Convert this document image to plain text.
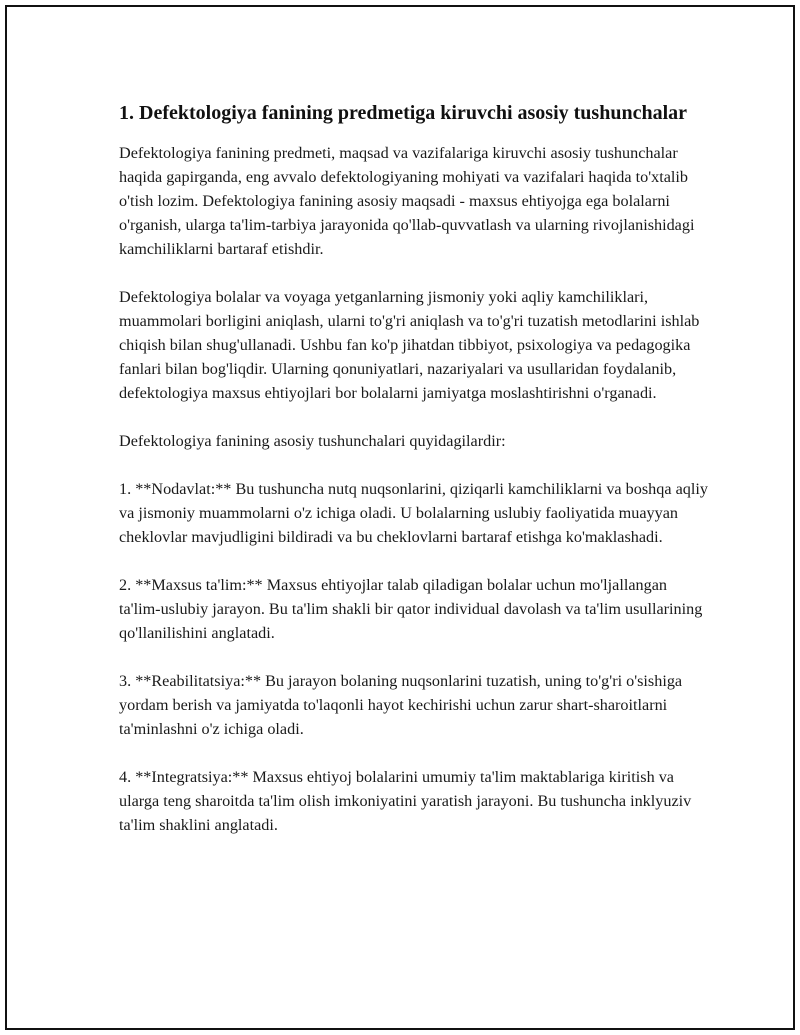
1. Defektologiya fanining predmetiga kiruvchi asosiy tushunchalar

Defektologiya fanining predmeti, maqsad va vazifalariga kiruvchi asosiy tushunchalar haqida gapirganda, eng avvalo defektologiyaning mohiyati va vazifalari haqida to'xtalib o'tish lozim. Defektologiya fanining asosiy maqsadi - maxsus ehtiyojga ega bolalarni o'rganish, ularga ta'lim-tarbiya jarayonida qo'llab-quvvatlash va ularning rivojlanishidagi kamchiliklarni bartaraf etishdir.

Defektologiya bolalar va voyaga yetganlarning jismoniy yoki aqliy kamchiliklari, muammolari borligini aniqlash, ularni to'g'ri aniqlash va to'g'ri tuzatish metodlarini ishlab chiqish bilan shug'ullanadi. Ushbu fan ko'p jihatdan tibbiyot, psixologiya va pedagogika fanlari bilan bog'liqdir. Ularning qonuniyatlari, nazariyalari va usullaridan foydalanib, defektologiya maxsus ehtiyojlari bor bolalarni jamiyatga moslashtirishni o'rganadi.

Defektologiya fanining asosiy tushunchalari quyidagilardir:

1. **Nodavlat:** Bu tushuncha nutq nuqsonlarini, qiziqarli kamchiliklarni va boshqa aqliy va jismoniy muammolarni o'z ichiga oladi. U bolalarning uslubiy faoliyatida muayyan cheklovlar mavjudligini bildiradi va bu cheklovlarni bartaraf etishga ko'maklashadi.

2. **Maxsus ta'lim:** Maxsus ehtiyojlar talab qiladigan bolalar uchun mo'ljallangan ta'lim-uslubiy jarayon. Bu ta'lim shakli bir qator individual davolash va ta'lim usullarining qo'llanilishini anglatadi.

3. **Reabilitatsiya:** Bu jarayon bolaning nuqsonlarini tuzatish, uning to'g'ri o'sishiga yordam berish va jamiyatda to'laqonli hayot kechirishi uchun zarur shart-sharoitlarni ta'minlashni o'z ichiga oladi.

4. **Integratsiya:** Maxsus ehtiyoj bolalarini umumiy ta'lim maktablariga kiritish va ularga teng sharoitda ta'lim olish imkoniyatini yaratish jarayoni. Bu tushuncha inklyuziv ta'lim shaklini anglatadi.
